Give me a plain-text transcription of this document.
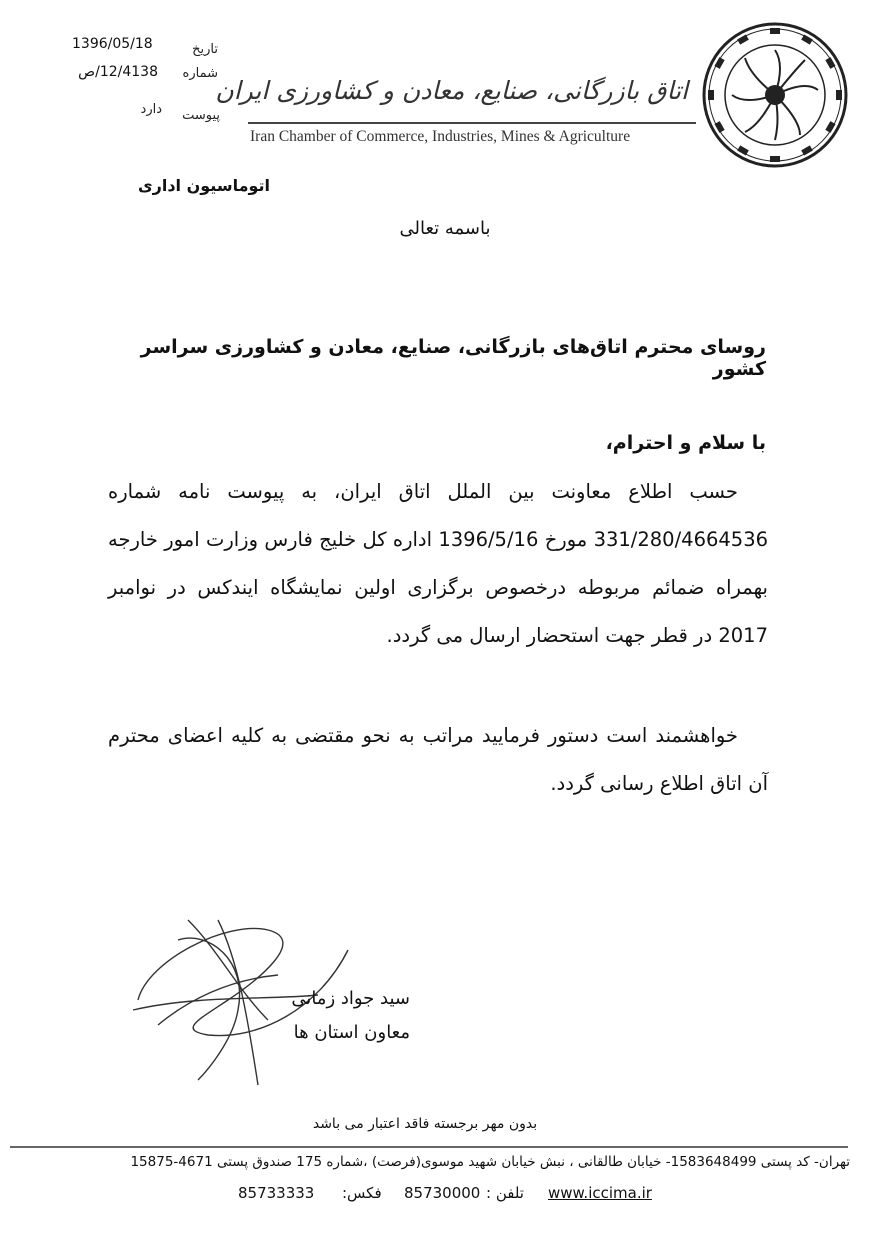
1396/05/18	تاریخ
12/4138/ص	شماره
دارد	پیوست
اتاق بازرگانی، صنایع، معادن و کشاورزی ایران
Iran Chamber of Commerce, Industries, Mines & Agriculture
اتوماسیون اداری
باسمه تعالی
روسای محترم اتاق‌های بازرگانی، صنایع، معادن و کشاورزی سراسر کشور
با سلام و احترام،
حسب اطلاع معاونت بین الملل اتاق ایران، به پیوست نامه شماره 331/280/4664536 مورخ 1396/5/16 اداره کل خلیج فارس وزارت امور خارجه بهمراه ضمائم مربوطه درخصوص برگزاری اولین نمایشگاه ایندکس در نوامبر 2017 در قطر جهت استحضار ارسال می گردد.
خواهشمند است دستور فرمایید مراتب به نحو مقتضی به کلیه اعضای محترم آن اتاق اطلاع رسانی گردد.
سید جواد زمانی
معاون استان ها
بدون مهر برجسته فاقد اعتبار می باشد
تهران- کد پستی 1583648499- خیابان طالقانی ، نبش خیابان شهید موسوی(فرصت) ،شماره 175 صندوق پستی 4671-15875
85733333 فکس: 85730000 تلفن : www.iccima.ir
